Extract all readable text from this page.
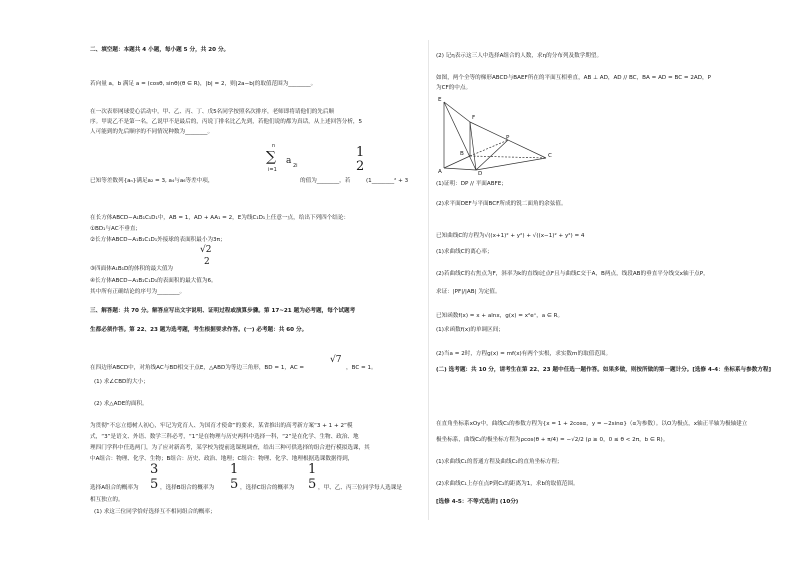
二、填空题：本题共 4 小题，每小题 5 分，共 20 分。
若向量 a，b 满足 a = (cosθ, sinθ)(θ ∈ R)，|b| = 2，则|2a−b|的取值范围为________。
在一次表彰网球爱心活动中，甲、乙、丙、丁、戊5名同学按照名次排序，老师即将请他们的先后顺
序。甲说乙不是第一名，乙说甲不是最后的，丙说丁排名比乙先到，若他们说的都为真话，从上述回答分析，5
人可能到的先后顺序的不同情况种数为________。
n
∑
i=1
a 2i
1
2
已知等差数列{aₙ}满足a₂ = 3, a₄与a₆等差中项，	的值为________，若	(1________² + 3
在长方体ABCD−A₁B₁C₁D₁中，AB = 1，AD + AA₁ = 2，E为线C₁D₁上任意一点，给出下列四个结论：
①BD₁与AC不垂直；
②长方体ABCD−A₁B₁C₁D₁外接球的表面积最小为3π；
√2
2
③四面体A₁B₁D的体积的最大值为
④长方体ABCD−A₁B₁C₁D₁的表面积的最大值为6。
其中所有正确结论的序号为________。
三、解答题：共 70 分。解答应写出文字说明、证明过程或演算步骤。第 17~21 题为必考题，每个试题考
生都必须作答。第 22、23 题为选考题，考生根据要求作答。(一) 必考题：共 60 分。
√7
在四边形ABCD中，对角线AC与BD相交于点E，△ABD为等边三角形，BD = 1，AC =	，BC = 1。
(1) 求∠CBD的大小；
(2) 求△ADE的面积。
为贯彻“不忘立德树人初心，牢记为党育人、为国育才使命”的要求，某省推出的高考新方案“3 + 1 + 2”模
式，“3”是语文、外语、数学三科必考，“1”是在物理与历史两科中选择一科，“2”是在化学、生物、政治、地
理四门学科中任选两门，为了应对新高考，某学校为提前选课现调查，给出三种可供选择的组合进行模拟选课，其
中A组合：物理、化学、生物；B组合：历史、政治、地理；C组合：物理、化学、地理根据选课数据得到，
3
5
1
5
1
5
选择A组合的概率为	，选择B组合的概率为	，选择C组合的概率为	，甲、乙、丙三位同学每人选课是
相互独立的。
(1) 求这三位同学恰好选择互不相同组合的概率；
(2) 记η表示这三人中选择A组合的人数，求η的分布列及数学期望。
如图，两个全等的梯形ABCD与BAEF所在的平面互相垂直，AB ⊥ AD，AD // BC，BA = AD = BC = 2AD，P
为CF的中点。
E
F
P
A
B	C
D
(1)证明：DP // 平面ABFE；
(2)求平面DEF与平面BCF所成的锐二面角的余弦值。
已知曲线C的方程为√((x+1)² + y²) + √((x−1)² + y²) = 4
(1)求曲线C的离心率；
(2)若曲线C的右焦点为F，斜率为k的直线l过点F且与曲线C交于A，B两点，线段AB的垂直平分线交x轴于点P，
求证：|PF|/|AB| 为定值。
已知函数f(x) = x + alnx，g(x) = x²eˣ，a ∈ R。
(1)求函数f(x)的单调区间；
(2)当a = 2时，方程g(x) = mf(x)有两个实根，求实数m的取值范围。
(二) 选考题：共 10 分，请考生在第 22、23 题中任选一题作答。如果多做，则按所做的第一题计分。[选修 4-4：坐标系与参数方程]
在直角坐标系xOy中，曲线C₁的参数方程为{x = 1 + 2cosα，y = −2sinα}（α为参数）。以O为极点，x轴正半轴为极轴建立
极坐标系，曲线C₂的极坐标方程为ρcos(θ + π/4) = −√2/2 (ρ ≥ 0，0 ≤ θ < 2π，b ∈ R)。
(1)求曲线C₁的普通方程及曲线C₂的直角坐标方程；
(2)求曲线C₁上存在点P到C₂的距离为1，求b的取值范围。
[选修 4-5：不等式选讲] (10分)
